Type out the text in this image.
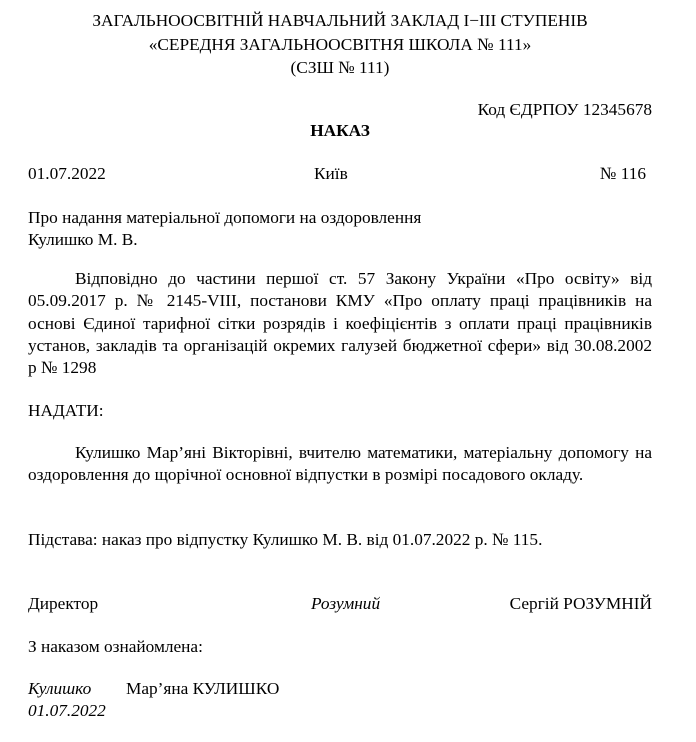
ЗАГАЛЬНООСВІТНІЙ НАВЧАЛЬНИЙ ЗАКЛАД І−ІІІ СТУПЕНІВ
«СЕРЕДНЯ ЗАГАЛЬНООСВІТНЯ ШКОЛА № 111»
(СЗШ № 111)
Код ЄДРПОУ 12345678
НАКАЗ
01.07.2022	Київ	№ 116
Про надання матеріальної допомоги на оздоровлення
Кулишко М. В.
Відповідно до частини першої ст. 57 Закону України «Про освіту» від 05.09.2017 р. № 2145-VIII, постанови КМУ «Про оплату праці працівників на основі Єдиної тарифної сітки розрядів і коефіцієнтів з оплати праці працівників установ, закладів та організацій окремих галузей бюджетної сфери» від 30.08.2002 р № 1298
НАДАТИ:
Кулишко Мар’яні Вікторівні, вчителю математики, матеріальну допомогу на оздоровлення до щорічної основної відпустки в розмірі посадового окладу.
Підстава: наказ про відпустку Кулишко М. В. від 01.07.2022 р. № 115.
Директор	Розумний	Сергій РОЗУМНІЙ
З наказом ознайомлена:
Кулишко Мар’яна КУЛИШКО
01.07.2022
